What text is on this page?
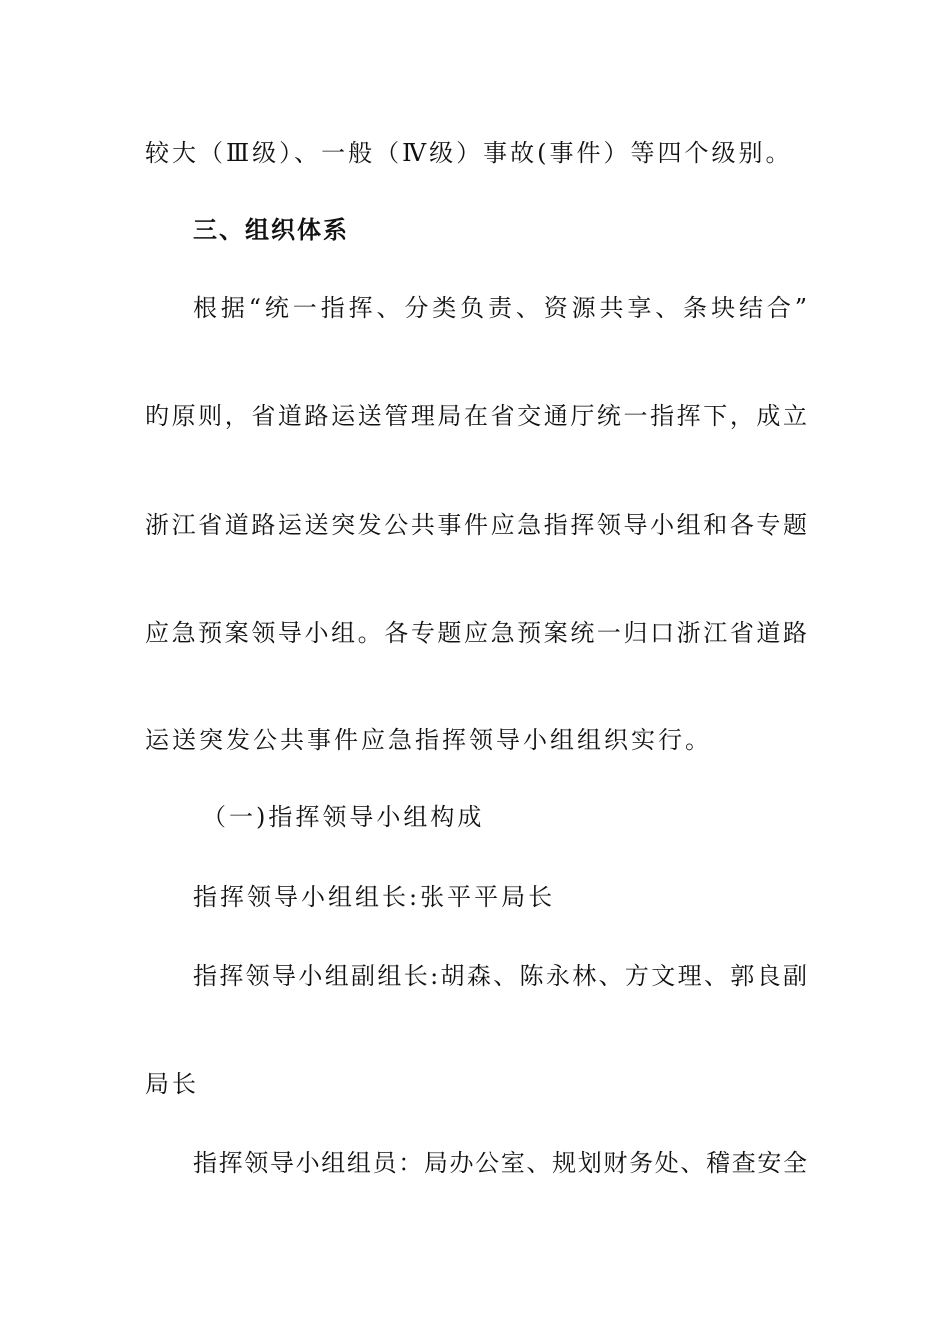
较大（Ⅲ级）、一般（Ⅳ级）事故(事件）等四个级别。
三、组织体系
根据“统一指挥、分类负责、资源共享、条块结合”
旳原则，省道路运送管理局在省交通厅统一指挥下，成立
浙江省道路运送突发公共事件应急指挥领导小组和各专题
应急预案领导小组。各专题应急预案统一归口浙江省道路
运送突发公共事件应急指挥领导小组组织实行。
（一)指挥领导小组构成
指挥领导小组组长:张平平局长
指挥领导小组副组长:胡森、陈永林、方文理、郭良副
局长
指挥领导小组组员：局办公室、规划财务处、稽查安全
